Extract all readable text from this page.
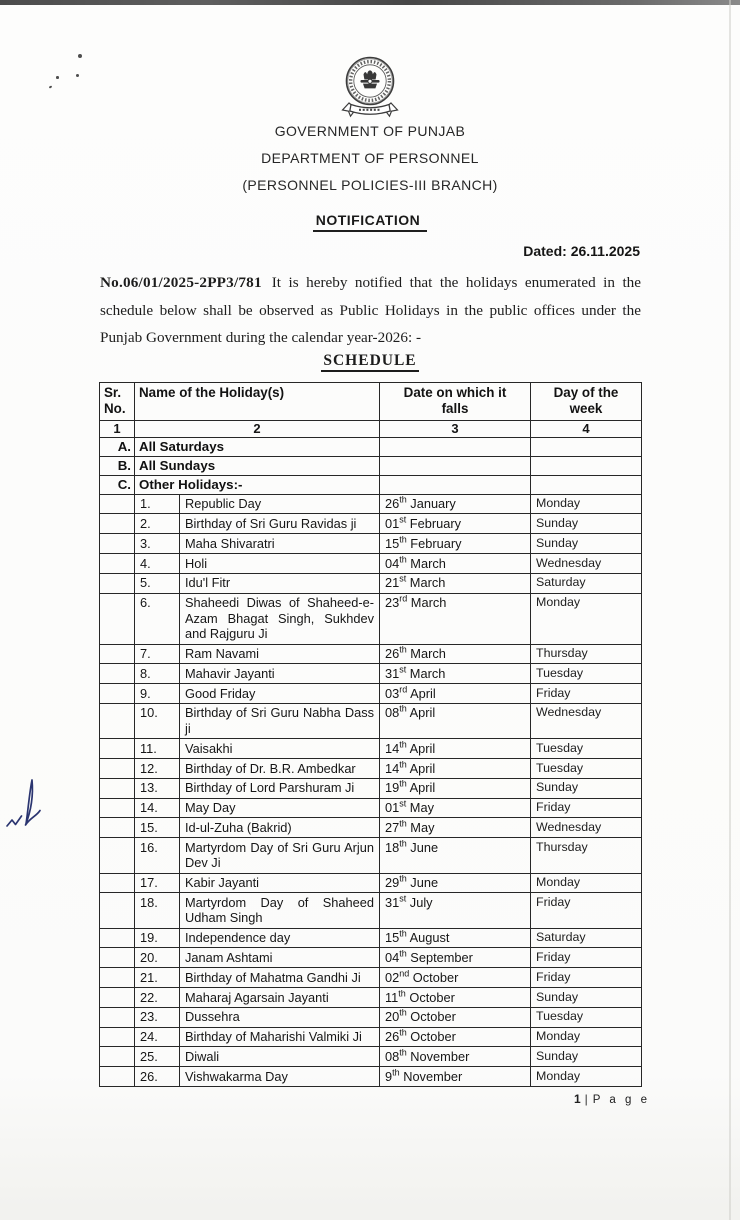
GOVERNMENT OF PUNJAB
DEPARTMENT OF PERSONNEL
(PERSONNEL POLICIES-III BRANCH)
NOTIFICATION
Dated: 26.11.2025
No.06/01/2025-2PP3/781 It is hereby notified that the holidays enumerated in the schedule below shall be observed as Public Holidays in the public offices under the Punjab Government during the calendar year-2026: -
SCHEDULE
Sr. No.	Name of the Holiday(s)		Date on which it falls	Day of the week
1	2		3	4
A.	All Saturdays			
B.	All Sundays			
C.	Other Holidays:-			
	1.	Republic Day	26th January	Monday
	2.	Birthday of Sri Guru Ravidas ji	01st February	Sunday
	3.	Maha Shivaratri	15th February	Sunday
	4.	Holi	04th March	Wednesday
	5.	Idu'l Fitr	21st March	Saturday
	6.	Shaheedi Diwas of Shaheed-e-Azam Bhagat Singh, Sukhdev and Rajguru Ji	23rd March	Monday
	7.	Ram Navami	26th March	Thursday
	8.	Mahavir Jayanti	31st March	Tuesday
	9.	Good Friday	03rd April	Friday
	10.	Birthday of Sri Guru Nabha Dass ji	08th April	Wednesday
	11.	Vaisakhi	14th April	Tuesday
	12.	Birthday of Dr. B.R. Ambedkar	14th April	Tuesday
	13.	Birthday of Lord Parshuram Ji	19th April	Sunday
	14.	May Day	01st May	Friday
	15.	Id-ul-Zuha (Bakrid)	27th May	Wednesday
	16.	Martyrdom Day of Sri Guru Arjun Dev Ji	18th June	Thursday
	17.	Kabir Jayanti	29th June	Monday
	18.	Martyrdom Day of Shaheed Udham Singh	31st July	Friday
	19.	Independence day	15th August	Saturday
	20.	Janam Ashtami	04th September	Friday
	21.	Birthday of Mahatma Gandhi Ji	02nd October	Friday
	22.	Maharaj Agarsain Jayanti	11th October	Sunday
	23.	Dussehra	20th October	Tuesday
	24.	Birthday of Maharishi Valmiki Ji	26th October	Monday
	25.	Diwali	08th November	Sunday
	26.	Vishwakarma Day	9th November	Monday
1 | P a g e
